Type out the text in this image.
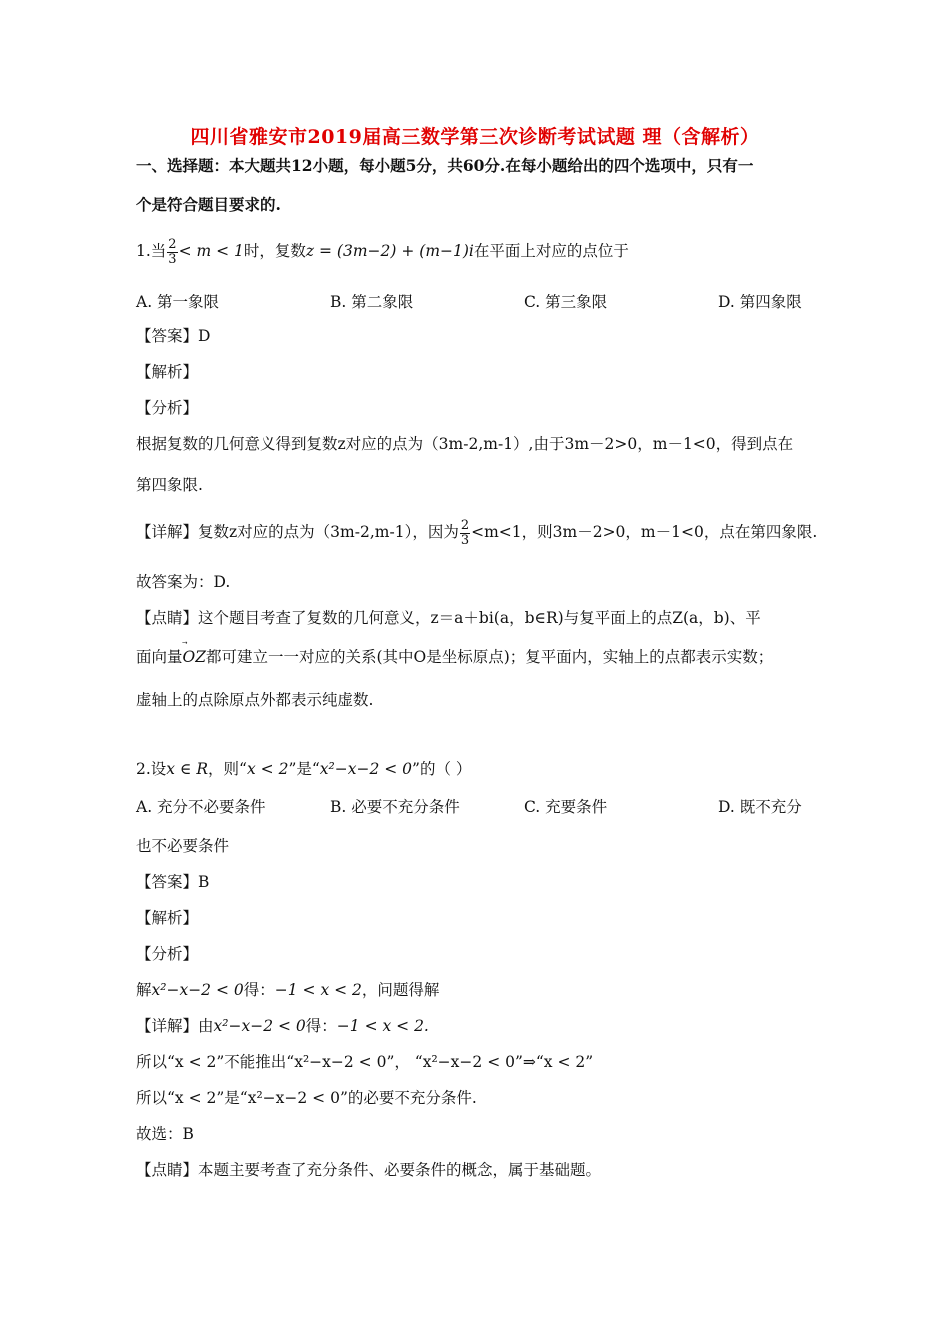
四川省雅安市2019届高三数学第三次诊断考试试题 理（含解析）
一、选择题：本大题共12小题，每小题5分，共60分.在每小题给出的四个选项中，只有一
个是符合题目要求的.
1.当 $\frac{2}{3} < m < 1$时，复数z = (3m−2) + (m−1)i在平面上对应的点位于
A. 第一象限	B. 第二象限	C. 第三象限	D. 第四象限
【答案】D
【解析】
【分析】
根据复数的几何意义得到复数z对应的点为（3m-2,m-1）,由于3m－2>0，m－1<0，得到点在
第四象限.
【详解】复数z对应的点为（3m-2,m-1），因为 $\frac{2}{3} <m<1$，则3m－2>0，m－1<0，点在第四象限.
故答案为：D.
【点睛】这个题目考查了复数的几何意义，z＝a＋bi(a，b∈R)与复平面上的点Z(a，b)、平
面向量
OZ都可建立一一对应的关系(其中O是坐标原点)；复平面内，实轴上的点都表示实数；
虚轴上的点除原点外都表示纯虚数.
2.设x ∈ R，则“x < 2”是“x²−x−2 < 0”的（ ）
A. 充分不必要条件	B. 必要不充分条件	C. 充要条件	D. 既不充分
也不必要条件
【答案】B
【解析】
【分析】
解x²−x−2 < 0得：−1 < x < 2，问题得解
【详解】由x²−x−2 < 0得：−1 < x < 2.
所以“x < 2”不能推出“x²−x−2 < 0”， “x²−x−2 < 0”⇒“x < 2”
所以“x < 2”是“x²−x−2 < 0”的必要不充分条件.
故选：B
【点睛】本题主要考查了充分条件、必要条件的概念，属于基础题。
